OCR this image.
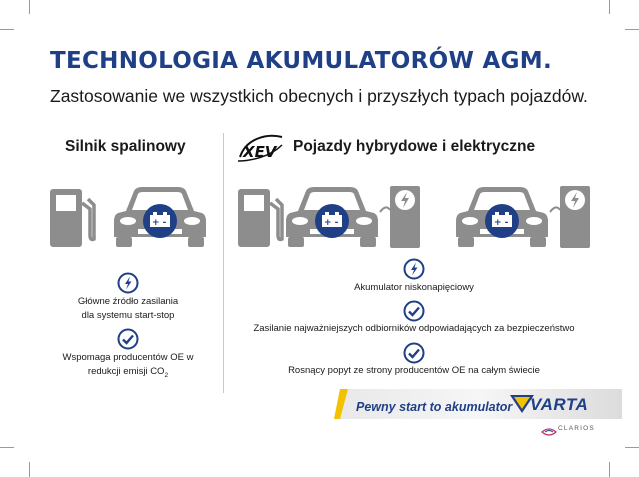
TECHNOLOGIA AKUMULATORÓW AGM.
Zastosowanie we wszystkich obecnych i przyszłych typach pojazdów.
Silnik spalinowy	XEV Pojazdy hybrydowe i elektryczne
+ -	+ -	+ -
Główne źródło zasilania
dla systemu start-stop
Wspomaga producentów OE w
redukcji emisji $CO_2$
Akumulator niskonapięciowy
Zasilanie najważniejszych odbiorników odpowiadających za bezpieczeństwo
Rosnący popyt ze strony producentów OE na całym świecie
Pewny start to akumulator VARTA
CLARIOS
